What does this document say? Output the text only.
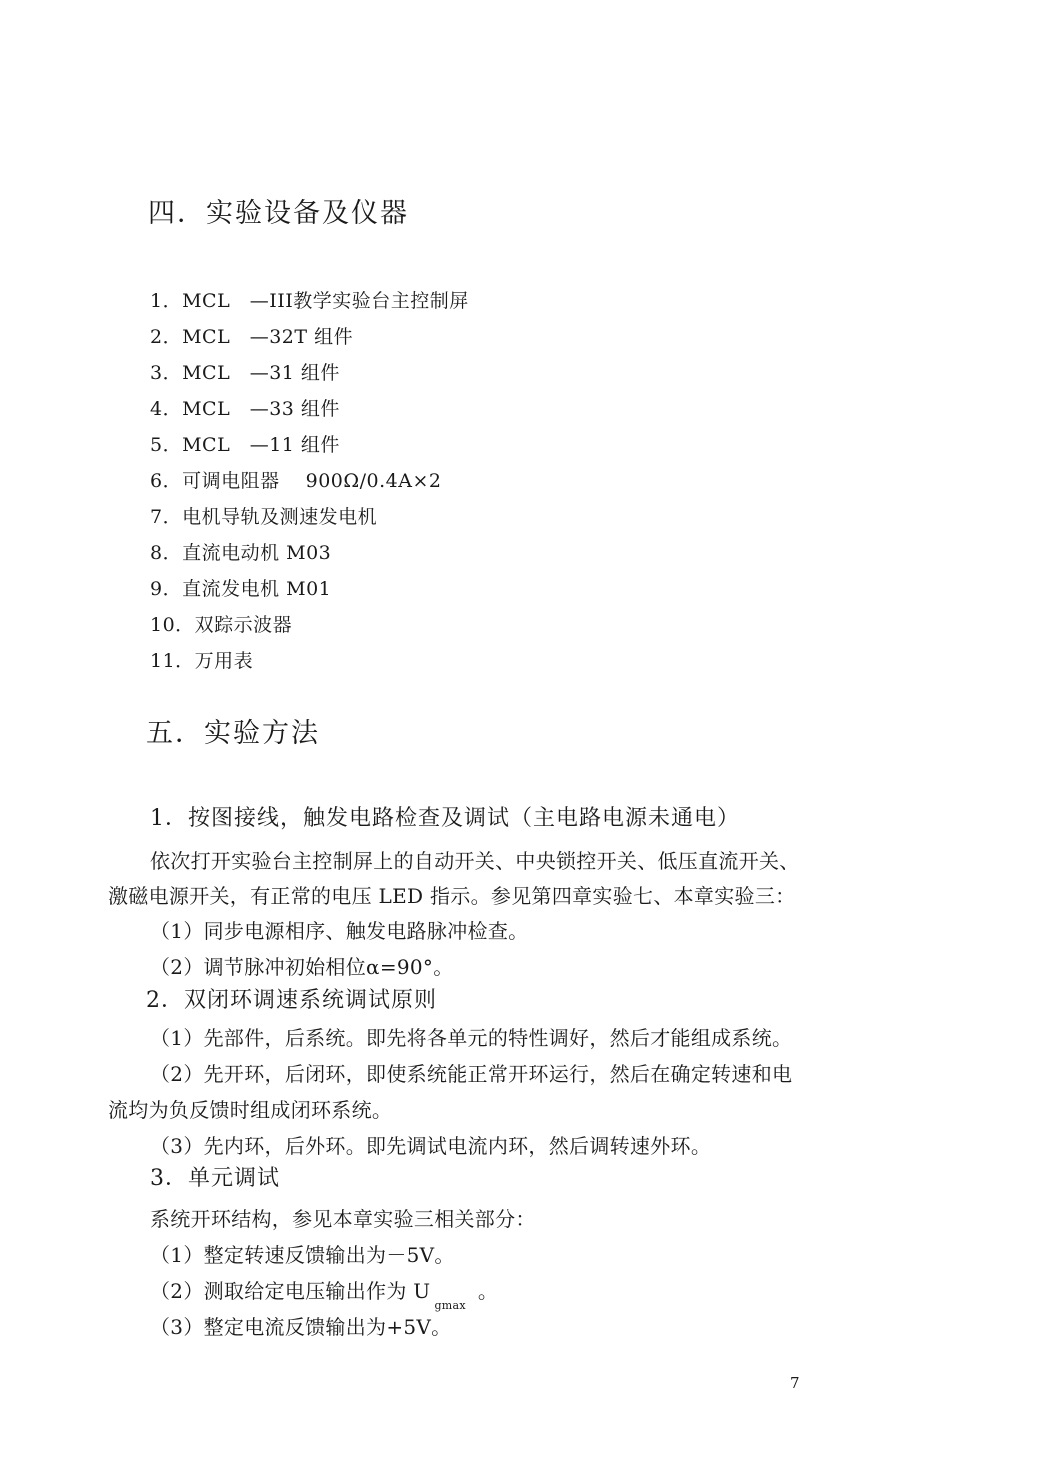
四．实验设备及仪器
1．MCL　—III教学实验台主控制屏
2．MCL　—32T 组件
3．MCL　—31 组件
4．MCL　—33 组件
5．MCL　—11 组件
6．可调电阻器　 900Ω/0.4A×2
7．电机导轨及测速发电机
8．直流电动机 M03
9．直流发电机 M01
10．双踪示波器
11．万用表
五．实验方法
1．按图接线，触发电路检查及调试（主电路电源未通电）
依次打开实验台主控制屏上的自动开关、中央锁控开关、低压直流开关、
激磁电源开关，有正常的电压 LED 指示。参见第四章实验七、本章实验三：
（1）同步电源相序、触发电路脉冲检查。
（2）调节脉冲初始相位α=90°。
2．双闭环调速系统调试原则
（1）先部件，后系统。即先将各单元的特性调好，然后才能组成系统。
（2）先开环，后闭环，即使系统能正常开环运行，然后在确定转速和电
流均为负反馈时组成闭环系统。
（3）先内环，后外环。即先调试电流内环，然后调转速外环。
3．单元调试
系统开环结构，参见本章实验三相关部分：
（1）整定转速反馈输出为－5V。
（2）测取给定电压输出作为 $U_{gmax}$。
（3）整定电流反馈输出为+5V。
7
